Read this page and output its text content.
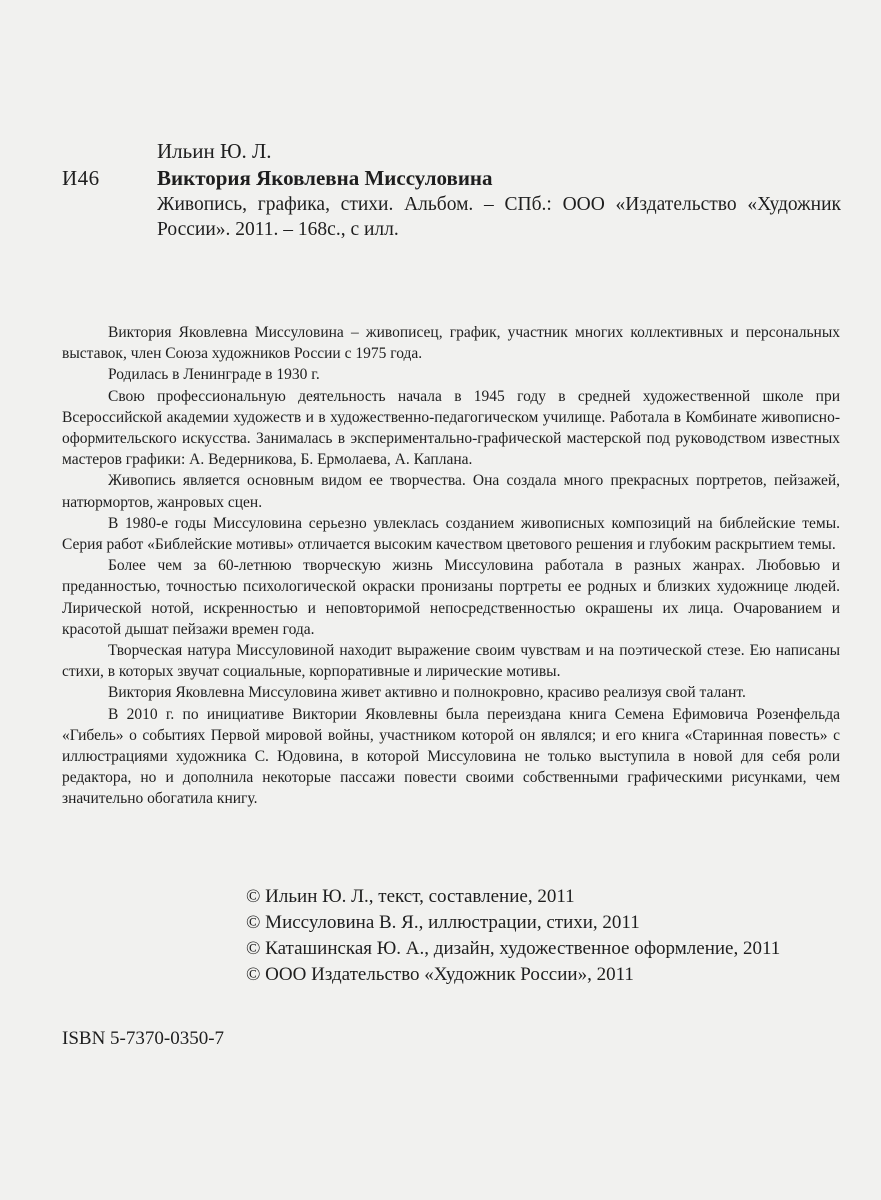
Ильин Ю. Л.
И46	Виктория Яковлевна Миссуловина
Живопись, графика, стихи. Альбом. – СПб.: ООО «Издательство «Художник России». 2011. – 168с., с илл.

Виктория Яковлевна Миссуловина – живописец, график, участник многих коллективных и персональных выставок, член Союза художников России с 1975 года.

Родилась в Ленинграде в 1930 г.

Свою профессиональную деятельность начала в 1945 году в средней художественной школе при Всероссийской академии художеств и в художественно-педагогическом училище. Работала в Комбинате живописно-оформительского искусства. Занималась в экспериментально-графической мастерской под руководством известных мастеров графики: А. Ведерникова, Б. Ермолаева, А. Каплана.

Живопись является основным видом ее творчества. Она создала много прекрасных портретов, пейзажей, натюрмортов, жанровых сцен.

В 1980-е годы Миссуловина серьезно увлеклась созданием живописных композиций на библейские темы. Серия работ «Библейские мотивы» отличается высоким качеством цветового решения и глубоким раскрытием темы.

Более чем за 60-летнюю творческую жизнь Миссуловина работала в разных жанрах. Любовью и преданностью, точностью психологической окраски пронизаны портреты ее родных и близких художнице людей. Лирической нотой, искренностью и неповторимой непосредственностью окрашены их лица. Очарованием и красотой дышат пейзажи времен года.

Творческая натура Миссуловиной находит выражение своим чувствам и на поэтической стезе. Ею написаны стихи, в которых звучат социальные, корпоративные и лирические мотивы.

Виктория Яковлевна Миссуловина живет активно и полнокровно, красиво реализуя свой талант.

В 2010 г. по инициативе Виктории Яковлевны была переиздана книга Семена Ефимовича Розенфельда «Гибель» о событиях Первой мировой войны, участником которой он являлся; и его книга «Старинная повесть» с иллюстрациями художника С. Юдовина, в которой Миссуловина не только выступила в новой для себя роли редактора, но и дополнила некоторые пассажи повести своими собственными графическими рисунками, чем значительно обогатила книгу.

© Ильин Ю. Л., текст, составление, 2011
© Миссуловина В. Я., иллюстрации, стихи, 2011
© Каташинская Ю. А., дизайн, художественное оформление, 2011
© ООО Издательство «Художник России», 2011
ISBN 5-7370-0350-7
